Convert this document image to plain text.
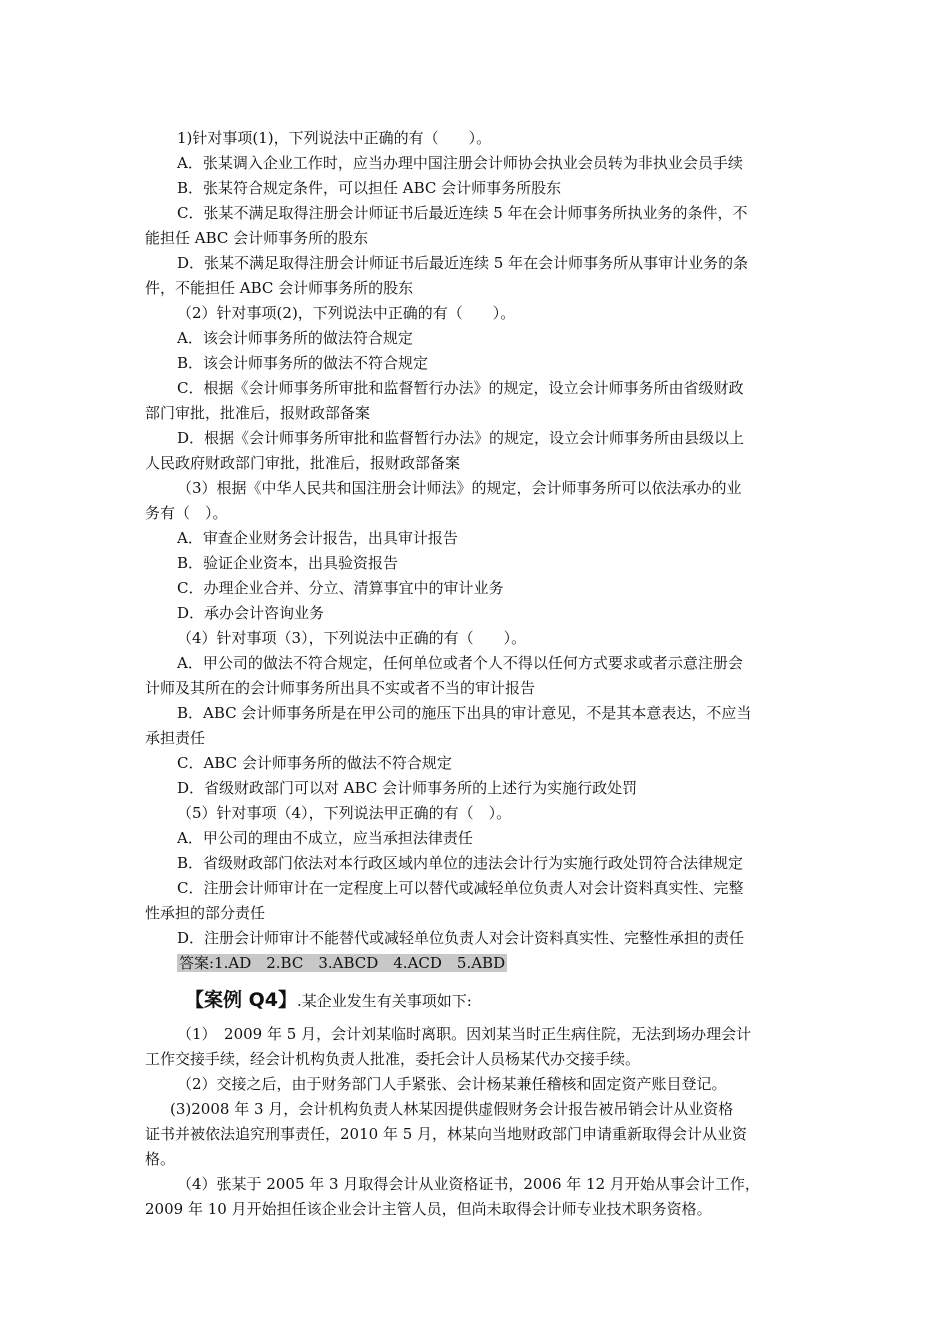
1)针对事项(1)，下列说法中正确的有（　　）。
A．张某调入企业工作时，应当办理中国注册会计师协会执业会员转为非执业会员手续
B．张某符合规定条件，可以担任 ABC 会计师事务所股东
C．张某不满足取得注册会计师证书后最近连续 5 年在会计师事务所执业务的条件，不
能担任 ABC 会计师事务所的股东
D．张某不满足取得注册会计师证书后最近连续 5 年在会计师事务所从事审计业务的条
件，不能担任 ABC 会计师事务所的股东
（2）针对事项(2)，下列说法中正确的有（　　）。
A．该会计师事务所的做法符合规定
B．该会计师事务所的做法不符合规定
C．根据《会计师事务所审批和监督暂行办法》的规定，设立会计师事务所由省级财政
部门审批，批准后，报财政部备案
D．根据《会计师事务所审批和监督暂行办法》的规定，设立会计师事务所由县级以上
人民政府财政部门审批，批准后，报财政部备案
（3）根据《中华人民共和国注册会计师法》的规定，会计师事务所可以依法承办的业
务有（　）。
A．审查企业财务会计报告，出具审计报告
B．验证企业资本，出具验资报告
C．办理企业合并、分立、清算事宜中的审计业务
D．承办会计咨询业务
（4）针对事项（3），下列说法中正确的有（　　）。
A．甲公司的做法不符合规定，任何单位或者个人不得以任何方式要求或者示意注册会
计师及其所在的会计师事务所出具不实或者不当的审计报告
B．ABC 会计师事务所是在甲公司的施压下出具的审计意见，不是其本意表达，不应当
承担责任
C．ABC 会计师事务所的做法不符合规定
D．省级财政部门可以对 ABC 会计师事务所的上述行为实施行政处罚
（5）针对事项（4），下列说法甲正确的有（　）。
A．甲公司的理由不成立，应当承担法律责任
B．省级财政部门依法对本行政区域内单位的违法会计行为实施行政处罚符合法律规定
C．注册会计师审计在一定程度上可以替代或减轻单位负责人对会计资料真实性、完整
性承担的部分责任
D．注册会计师审计不能替代或减轻单位负责人对会计资料真实性、完整性承担的责任
答案:1.AD　2.BC　3.ABCD　4.ACD　5.ABD
【案例 Q4】.某企业发生有关事项如下:
（1）　2009 年 5 月，会计刘某临时离职。因刘某当时正生病住院，无法到场办理会计
工作交接手续，经会计机构负责人批准，委托会计人员杨某代办交接手续。
（2）交接之后，由于财务部门人手紧张、会计杨某兼任稽核和固定资产账目登记。
(3)2008 年 3 月，会计机构负责人林某因提供虚假财务会计报告被吊销会计从业资格
证书并被依法追究刑事责任，2010 年 5 月，林某向当地财政部门申请重新取得会计从业资
格。
（4）张某于 2005 年 3 月取得会计从业资格证书，2006 年 12 月开始从事会计工作，
2009 年 10 月开始担任该企业会计主管人员，但尚未取得会计师专业技术职务资格。
